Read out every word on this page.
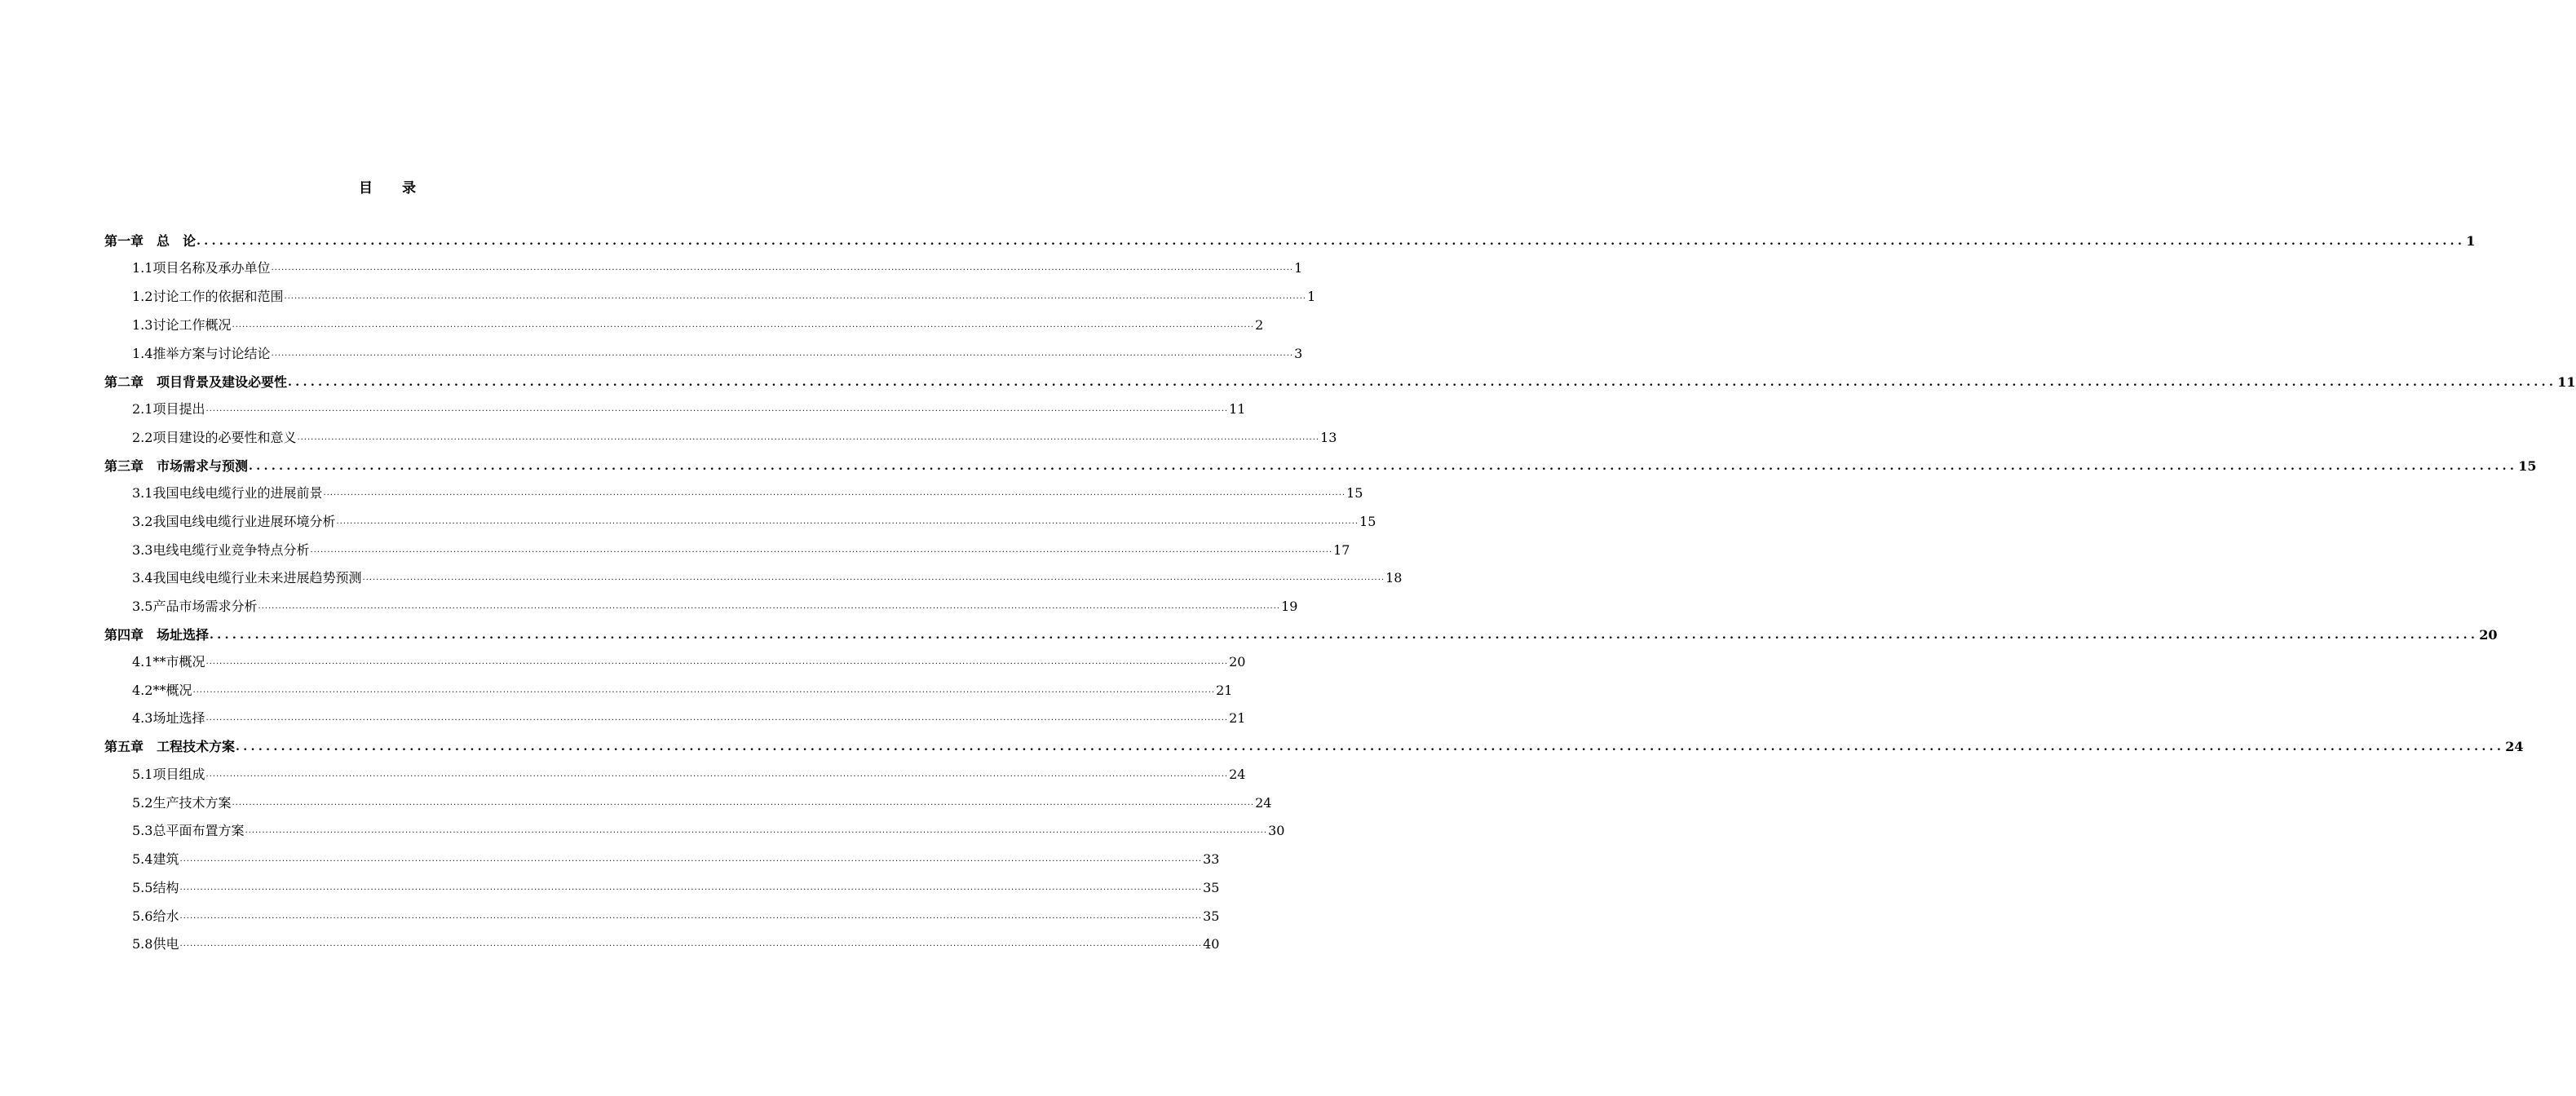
目录
第一章　总　论 ............................................................................................................................................................................................................................................................................................................ 1
1.1项目名称及承办单位 ............................................................................................................................................................................................................................................................................................................ 1
1.2讨论工作的依据和范围 ............................................................................................................................................................................................................................................................................................................ 1
1.3讨论工作概况 ............................................................................................................................................................................................................................................................................................................ 2
1.4推举方案与讨论结论 ............................................................................................................................................................................................................................................................................................................ 3
第二章　项目背景及建设必要性 ............................................................................................................................................................................................................................................................................................................ 11
2.1项目提出 ............................................................................................................................................................................................................................................................................................................ 11
2.2项目建设的必要性和意义 ............................................................................................................................................................................................................................................................................................................ 13
第三章　市场需求与预测 ............................................................................................................................................................................................................................................................................................................ 15
3.1我国电线电缆行业的进展前景 ............................................................................................................................................................................................................................................................................................................ 15
3.2我国电线电缆行业进展环境分析 ............................................................................................................................................................................................................................................................................................................ 15
3.3电线电缆行业竞争特点分析 ............................................................................................................................................................................................................................................................................................................ 17
3.4我国电线电缆行业未来进展趋势预测 ............................................................................................................................................................................................................................................................................................................ 18
3.5产品市场需求分析 ............................................................................................................................................................................................................................................................................................................ 19
第四章　场址选择 ............................................................................................................................................................................................................................................................................................................ 20
4.1**市概况 ............................................................................................................................................................................................................................................................................................................ 20
4.2**概况 ............................................................................................................................................................................................................................................................................................................ 21
4.3场址选择 ............................................................................................................................................................................................................................................................................................................ 21
第五章　工程技术方案 ............................................................................................................................................................................................................................................................................................................ 24
5.1项目组成 ............................................................................................................................................................................................................................................................................................................ 24
5.2生产技术方案 ............................................................................................................................................................................................................................................................................................................ 24
5.3总平面布置方案 ............................................................................................................................................................................................................................................................................................................ 30
5.4建筑 ............................................................................................................................................................................................................................................................................................................ 33
5.5结构 ............................................................................................................................................................................................................................................................................................................ 35
5.6给水 ............................................................................................................................................................................................................................................................................................................ 35
5.8供电 ............................................................................................................................................................................................................................................................................................................ 40
